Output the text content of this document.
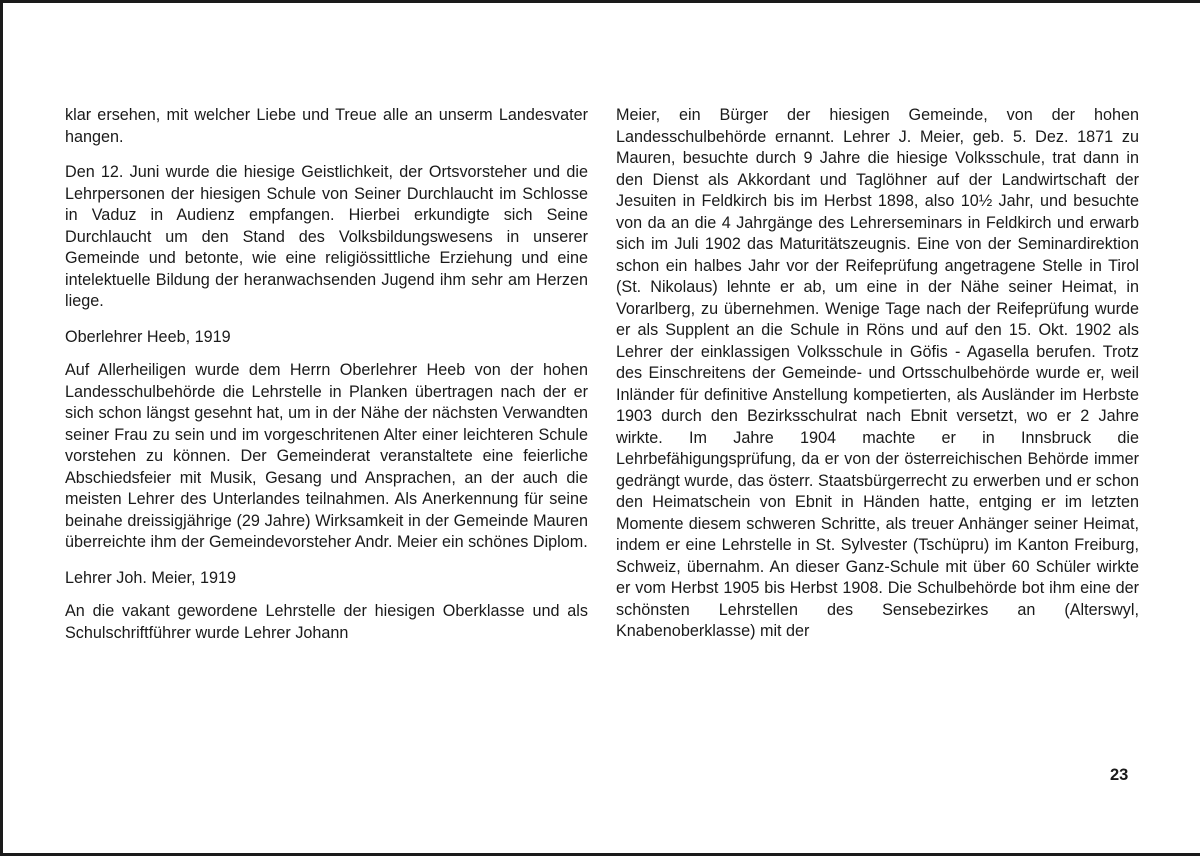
klar ersehen, mit welcher Liebe und Treue alle an unserm Landesvater hangen.

Den 12. Juni wurde die hiesige Geistlichkeit, der Ortsvorsteher und die Lehrpersonen der hiesigen Schule von Seiner Durchlaucht im Schlosse in Vaduz in Audienz empfangen. Hierbei erkundigte sich Seine Durchlaucht um den Stand des Volksbildungswesens in unserer Gemeinde und betonte, wie eine religiössittliche Erziehung und eine intelektuelle Bildung der heranwachsenden Jugend ihm sehr am Herzen liege.

Oberlehrer Heeb, 1919

Auf Allerheiligen wurde dem Herrn Oberlehrer Heeb von der hohen Landesschulbehörde die Lehrstelle in Planken übertragen nach der er sich schon längst gesehnt hat, um in der Nähe der nächsten Verwandten seiner Frau zu sein und im vorgeschritenen Alter einer leichteren Schule vorstehen zu können. Der Gemeinderat veranstaltete eine feierliche Abschiedsfeier mit Musik, Gesang und Ansprachen, an der auch die meisten Lehrer des Unterlandes teilnahmen. Als Anerkennung für seine beinahe dreissigjährige (29 Jahre) Wirksamkeit in der Gemeinde Mauren überreichte ihm der Gemeindevorsteher Andr. Meier ein schönes Diplom.

Lehrer Joh. Meier, 1919

An die vakant gewordene Lehrstelle der hiesigen Oberklasse und als Schulschriftführer wurde Lehrer Johann

Meier, ein Bürger der hiesigen Gemeinde, von der hohen Landesschulbehörde ernannt. Lehrer J. Meier, geb. 5. Dez. 1871 zu Mauren, besuchte durch 9 Jahre die hiesige Volksschule, trat dann in den Dienst als Akkordant und Taglöhner auf der Landwirtschaft der Jesuiten in Feldkirch bis im Herbst 1898, also 10½ Jahr, und besuchte von da an die 4 Jahrgänge des Lehrerseminars in Feldkirch und erwarb sich im Juli 1902 das Maturitätszeugnis. Eine von der Seminardirektion schon ein halbes Jahr vor der Reifeprüfung angetragene Stelle in Tirol (St. Nikolaus) lehnte er ab, um eine in der Nähe seiner Heimat, in Vorarlberg, zu übernehmen. Wenige Tage nach der Reifeprüfung wurde er als Supplent an die Schule in Röns und auf den 15. Okt. 1902 als Lehrer der einklassigen Volksschule in Göfis - Agasella berufen. Trotz des Einschreitens der Gemeinde- und Ortsschulbehörde wurde er, weil Inländer für definitive Anstellung kompetierten, als Ausländer im Herbste 1903 durch den Bezirksschulrat nach Ebnit versetzt, wo er 2 Jahre wirkte. Im Jahre 1904 machte er in Innsbruck die Lehrbefähigungsprüfung, da er von der österreichischen Behörde immer gedrängt wurde, das österr. Staatsbürgerrecht zu erwerben und er schon den Heimatschein von Ebnit in Händen hatte, entging er im letzten Momente diesem schweren Schritte, als treuer Anhänger seiner Heimat, indem er eine Lehrstelle in St. Sylvester (Tschüpru) im Kanton Freiburg, Schweiz, übernahm. An dieser Ganz-Schule mit über 60 Schüler wirkte er vom Herbst 1905 bis Herbst 1908. Die Schulbehörde bot ihm eine der schönsten Lehrstellen des Sensebezirkes an (Alterswyl, Knabenoberklasse) mit der

23
